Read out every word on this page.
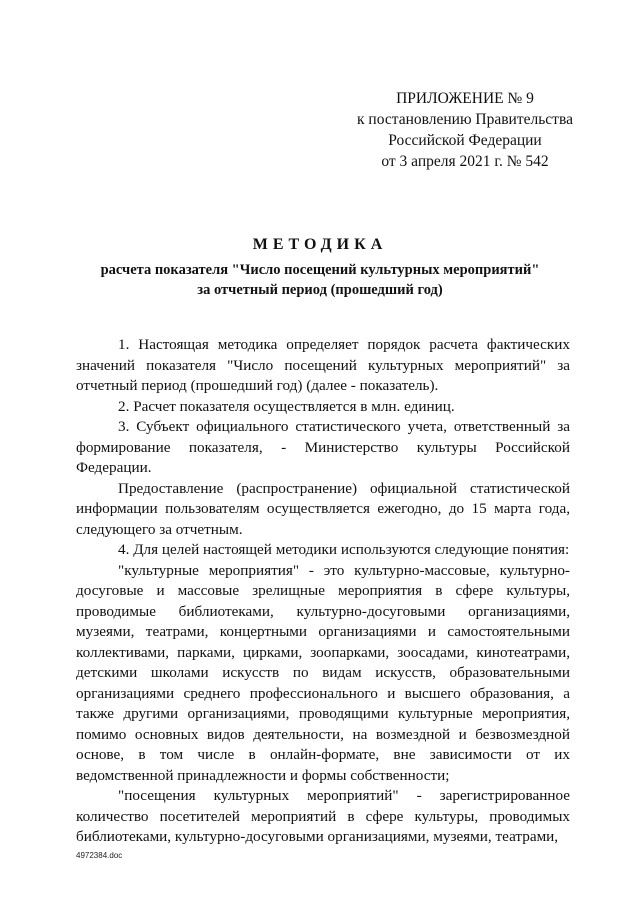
ПРИЛОЖЕНИЕ № 9
к постановлению Правительства
Российской Федерации
от 3 апреля 2021 г. № 542
МЕТОДИКА
расчета показателя "Число посещений культурных мероприятий"
за отчетный период (прошедший год)

1. Настоящая методика определяет порядок расчета фактических значений показателя "Число посещений культурных мероприятий" за отчетный период (прошедший год) (далее - показатель).

2. Расчет показателя осуществляется в млн. единиц.

3. Субъект официального статистического учета, ответственный за формирование показателя, - Министерство культуры Российской Федерации.

Предоставление (распространение) официальной статистической информации пользователям осуществляется ежегодно, до 15 марта года, следующего за отчетным.

4. Для целей настоящей методики используются следующие понятия:

"культурные мероприятия" - это культурно-массовые, культурно-досуговые и массовые зрелищные мероприятия в сфере культуры, проводимые библиотеками, культурно-досуговыми организациями, музеями, театрами, концертными организациями и самостоятельными коллективами, парками, цирками, зоопарками, зоосадами, кинотеатрами, детскими школами искусств по видам искусств, образовательными организациями среднего профессионального и высшего образования, а также другими организациями, проводящими культурные мероприятия, помимо основных видов деятельности, на возмездной и безвозмездной основе, в том числе в онлайн-формате, вне зависимости от их ведомственной принадлежности и формы собственности;

"посещения культурных мероприятий" - зарегистрированное количество посетителей мероприятий в сфере культуры, проводимых библиотеками, культурно-досуговыми организациями, музеями, театрами,

4972384.doc
